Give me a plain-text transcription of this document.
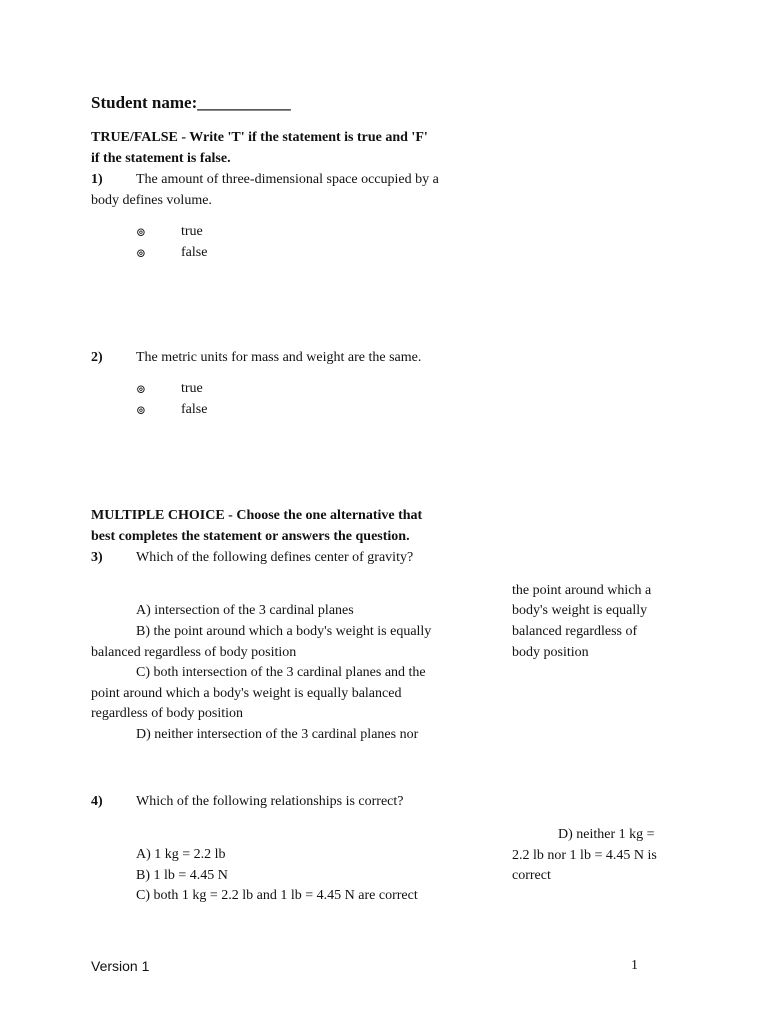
Student name:___________
TRUE/FALSE - Write 'T' if the statement is true and 'F'
if the statement is false.
1) The amount of three-dimensional space occupied by a
body defines volume.
⊚ true
⊚ false
2) The metric units for mass and weight are the same.
⊚ true
⊚ false
MULTIPLE CHOICE - Choose the one alternative that
best completes the statement or answers the question.
3) Which of the following defines center of gravity?
A) intersection of the 3 cardinal planes
B) the point around which a body's weight is equally
balanced regardless of body position
C) both intersection of the 3 cardinal planes and the
point around which a body's weight is equally balanced
regardless of body position
D) neither intersection of the 3 cardinal planes nor
the point around which a
body's weight is equally
balanced regardless of
body position
4) Which of the following relationships is correct?
A) 1 kg = 2.2 lb
B) 1 lb = 4.45 N
C) both 1 kg = 2.2 lb and 1 lb = 4.45 N are correct
D) neither 1 kg =
2.2 lb nor 1 lb = 4.45 N is
correct
Version 1	1
